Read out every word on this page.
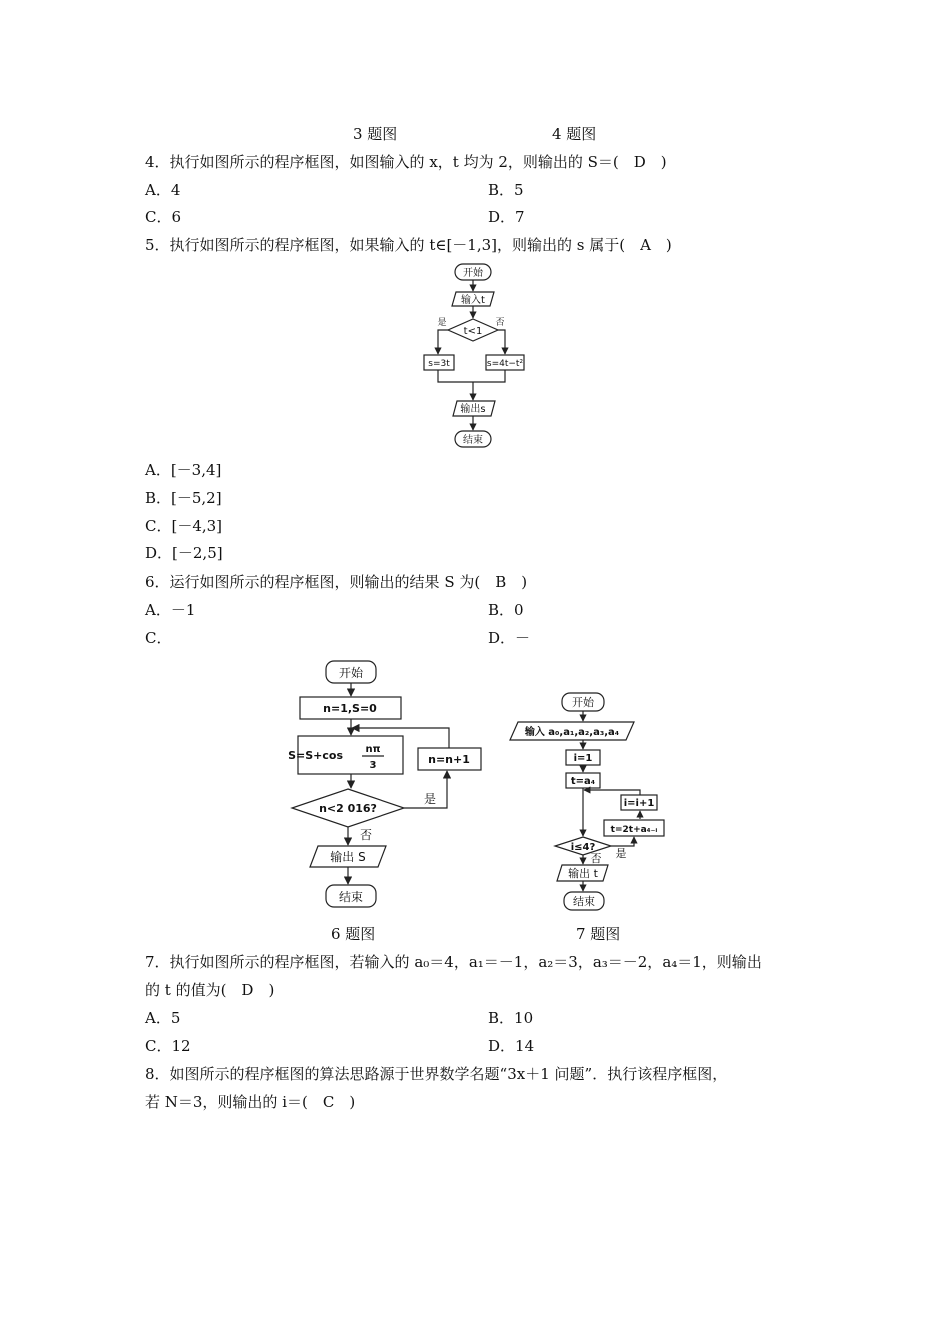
3 题图	4 题图
4．执行如图所示的程序框图，如图输入的 x，t 均为 2，则输出的 S＝(　D　)
A．4	B．5
C．6	D．7
5．执行如图所示的程序框图，如果输入的 t∈[－1,3]，则输出的 s 属于(　A　)
开始
输入t
t<1
是	否
s=3t	s=4t−t²
输出s
结束
A．[－3,4]
B．[－5,2]
C．[－4,3]
D．[－2,5]
6．运行如图所示的程序框图，则输出的结果 S 为(　B　)
A．－1	B．0
C．	D．－
开始
n=1,S=0
S=S+cos nπ
3
n<2 016?
是
n=n+1
否
输出 S
结束
开始
输入 a₀,a₁,a₂,a₃,a₄
i=1
t=a₄
i=i+1
t=2t+a₄₋ᵢ
i≤4? 是
否
输出 t
结束
6 题图	7 题图
7．执行如图所示的程序框图，若输入的 a₀＝4，a₁＝－1，a₂＝3，a₃＝－2，a₄＝1，则输出
的 t 的值为(　D　)
A．5	B．10
C．12	D．14
8．如图所示的程序框图的算法思路源于世界数学名题“3x＋1 问题”．执行该程序框图，
若 N＝3，则输出的 i＝(　C　)
